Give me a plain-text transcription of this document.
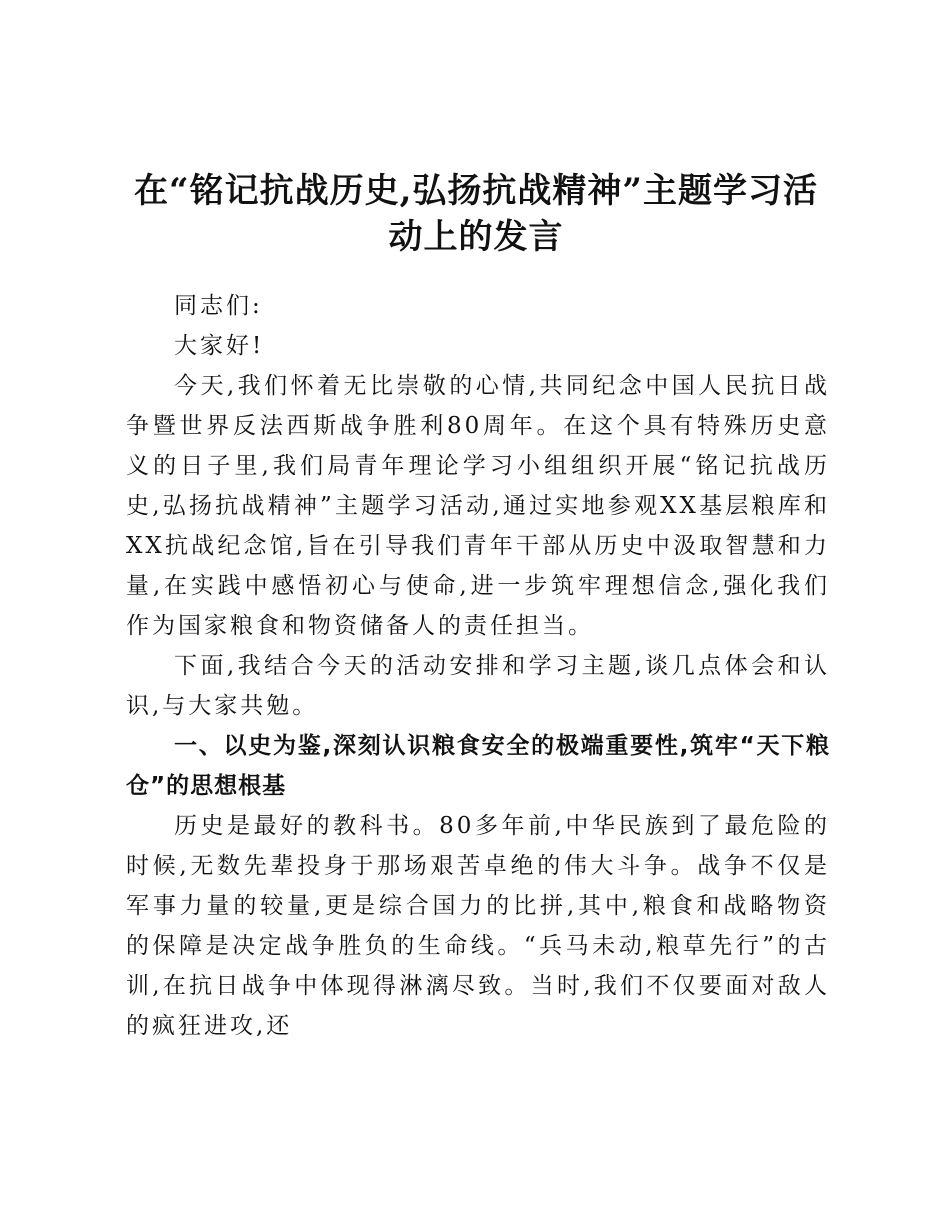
在“铭记抗战历史,弘扬抗战精神”主题学习活动上的发言

同志们:

大家好!

今天,我们怀着无比崇敬的心情,共同纪念中国人民抗日战争暨世界反法西斯战争胜利80周年。在这个具有特殊历史意义的日子里,我们局青年理论学习小组组织开展“铭记抗战历史,弘扬抗战精神”主题学习活动,通过实地参观XX基层粮库和XX抗战纪念馆,旨在引导我们青年干部从历史中汲取智慧和力量,在实践中感悟初心与使命,进一步筑牢理想信念,强化我们作为国家粮食和物资储备人的责任担当。

下面,我结合今天的活动安排和学习主题,谈几点体会和认识,与大家共勉。

一、以史为鉴,深刻认识粮食安全的极端重要性,筑牢“天下粮仓”的思想根基

历史是最好的教科书。80多年前,中华民族到了最危险的时候,无数先辈投身于那场艰苦卓绝的伟大斗争。战争不仅是军事力量的较量,更是综合国力的比拼,其中,粮食和战略物资的保障是决定战争胜负的生命线。“兵马未动,粮草先行”的古训,在抗日战争中体现得淋漓尽致。当时,我们不仅要面对敌人的疯狂进攻,还
